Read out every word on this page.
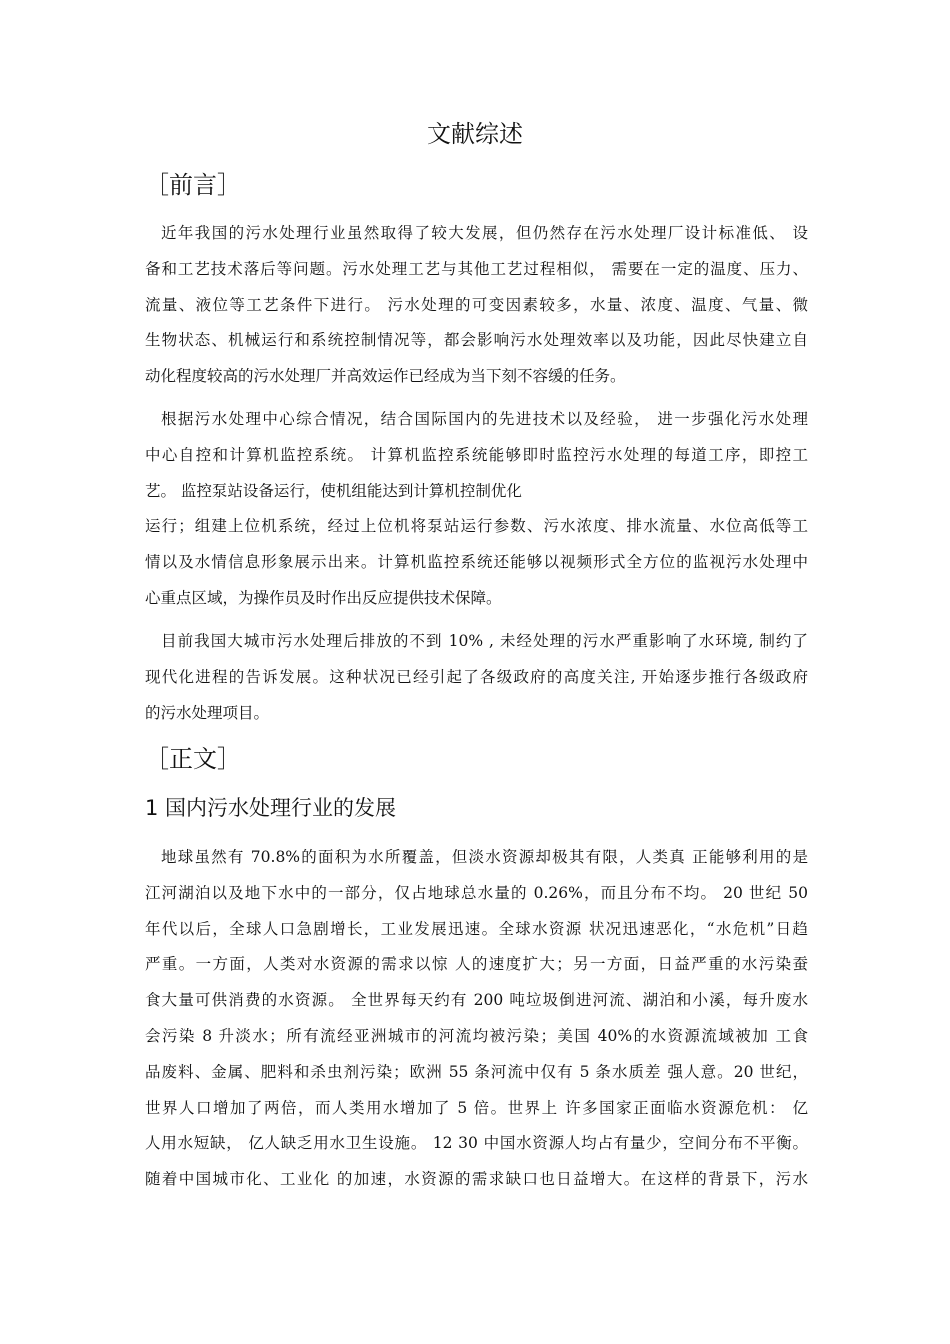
文献综述
［前言］
近年我国的污水处理行业虽然取得了较大发展，但仍然存在污水处理厂设计标准低、 设
备和工艺技术落后等问题。污水处理工艺与其他工艺过程相似， 需要在一定的温度、压力、
流量、液位等工艺条件下进行。 污水处理的可变因素较多，水量、浓度、温度、气量、微
生物状态、机械运行和系统控制情况等，都会影响污水处理效率以及功能，因此尽快建立自
动化程度较高的污水处理厂并高效运作已经成为当下刻不容缓的任务。
根据污水处理中心综合情况，结合国际国内的先进技术以及经验， 进一步强化污水处理
中心自控和计算机监控系统。 计算机监控系统能够即时监控污水处理的每道工序，即控工
艺。 监控泵站设备运行，使机组能达到计算机控制优化
运行；组建上位机系统，经过上位机将泵站运行参数、污水浓度、排水流量、水位高低等工
情以及水情信息形象展示出来。计算机监控系统还能够以视频形式全方位的监视污水处理中
心重点区域，为操作员及时作出反应提供技术保障。
目前我国大城市污水处理后排放的不到 10% , 未经处理的污水严重影响了水环境, 制约了
现代化进程的告诉发展。这种状况已经引起了各级政府的高度关注, 开始逐步推行各级政府
的污水处理项目。
［正文］
1 国内污水处理行业的发展
地球虽然有 70.8%的面积为水所覆盖，但淡水资源却极其有限，人类真 正能够利用的是
江河湖泊以及地下水中的一部分，仅占地球总水量的 0.26%，而且分布不均。 20 世纪 50
年代以后，全球人口急剧增长，工业发展迅速。全球水资源 状况迅速恶化，“水危机”日趋
严重。一方面，人类对水资源的需求以惊 人的速度扩大；另一方面，日益严重的水污染蚕
食大量可供消费的水资源。 全世界每天约有 200 吨垃圾倒进河流、湖泊和小溪，每升废水
会污染 8 升淡水；所有流经亚洲城市的河流均被污染；美国 40%的水资源流域被加 工食
品废料、金属、肥料和杀虫剂污染；欧洲 55 条河流中仅有 5 条水质差 强人意。20 世纪，
世界人口增加了两倍，而人类用水增加了 5 倍。世界上 许多国家正面临水资源危机： 亿
人用水短缺， 亿人缺乏用水卫生设施。 12 30 中国水资源人均占有量少，空间分布不平衡。
随着中国城市化、工业化 的加速，水资源的需求缺口也日益增大。在这样的背景下，污水
